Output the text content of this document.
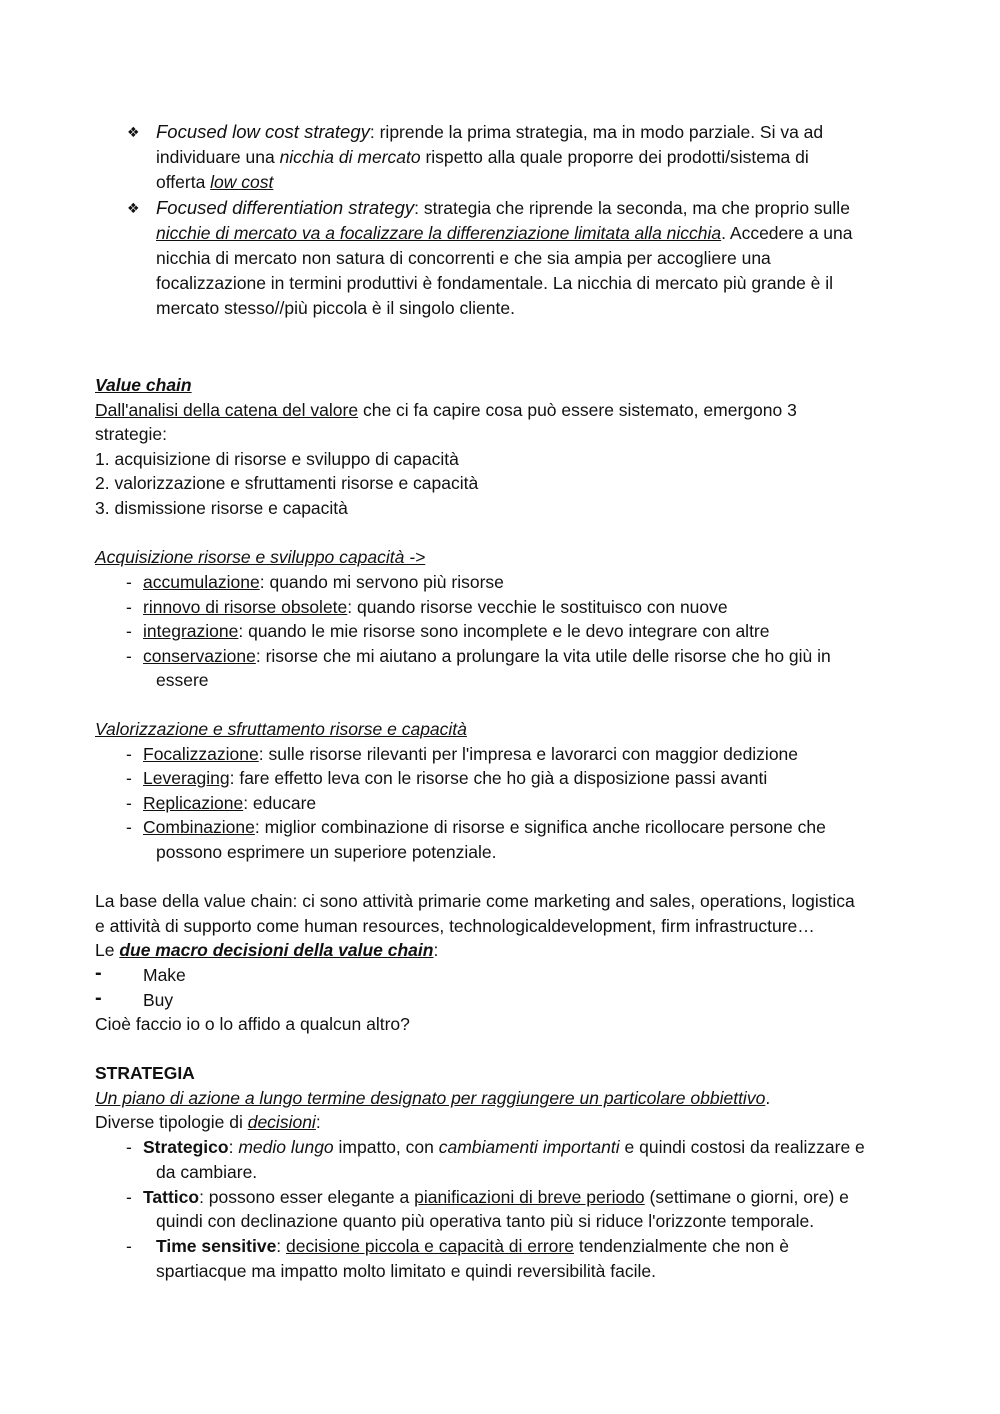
❖ Focused low cost strategy: riprende la prima strategia, ma in modo parziale. Si va ad
individuare una nicchia di mercato rispetto alla quale proporre dei prodotti/sistema di
offerta low cost
❖ Focused differentiation strategy: strategia che riprende la seconda, ma che proprio sulle
nicchie di mercato va a focalizzare la differenziazione limitata alla nicchia. Accedere a una
nicchia di mercato non satura di concorrenti e che sia ampia per accogliere una
focalizzazione in termini produttivi è fondamentale. La nicchia di mercato più grande è il
mercato stesso//più piccola è il singolo cliente.
Value chain
Dall'analisi della catena del valore che ci fa capire cosa può essere sistemato, emergono 3
strategie:
1. acquisizione di risorse e sviluppo di capacità
2. valorizzazione e sfruttamenti risorse e capacità
3. dismissione risorse e capacità
Acquisizione risorse e sviluppo capacità ->
- accumulazione: quando mi servono più risorse
- rinnovo di risorse obsolete: quando risorse vecchie le sostituisco con nuove
- integrazione: quando le mie risorse sono incomplete e le devo integrare con altre
- conservazione: risorse che mi aiutano a prolungare la vita utile delle risorse che ho giù in
essere
Valorizzazione e sfruttamento risorse e capacità
- Focalizzazione: sulle risorse rilevanti per l'impresa e lavorarci con maggior dedizione
- Leveraging: fare effetto leva con le risorse che ho già a disposizione passi avanti
- Replicazione: educare
- Combinazione: miglior combinazione di risorse e significa anche ricollocare persone che
possono esprimere un superiore potenziale.
La base della value chain: ci sono attività primarie come marketing and sales, operations, logistica
e attività di supporto come human resources, technologicaldevelopment, firm infrastructure…
Le due macro decisioni della value chain:
- Make
- Buy
Cioè faccio io o lo affido a qualcun altro?
STRATEGIA
Un piano di azione a lungo termine designato per raggiungere un particolare obbiettivo.
Diverse tipologie di decisioni:
- Strategico: medio lungo impatto, con cambiamenti importanti e quindi costosi da realizzare e
da cambiare.
- Tattico: possono esser elegante a pianificazioni di breve periodo (settimane o giorni, ore) e
quindi con declinazione quanto più operativa tanto più si riduce l'orizzonte temporale.
- Time sensitive: decisione piccola e capacità di errore tendenzialmente che non è
spartiacque ma impatto molto limitato e quindi reversibilità facile.
